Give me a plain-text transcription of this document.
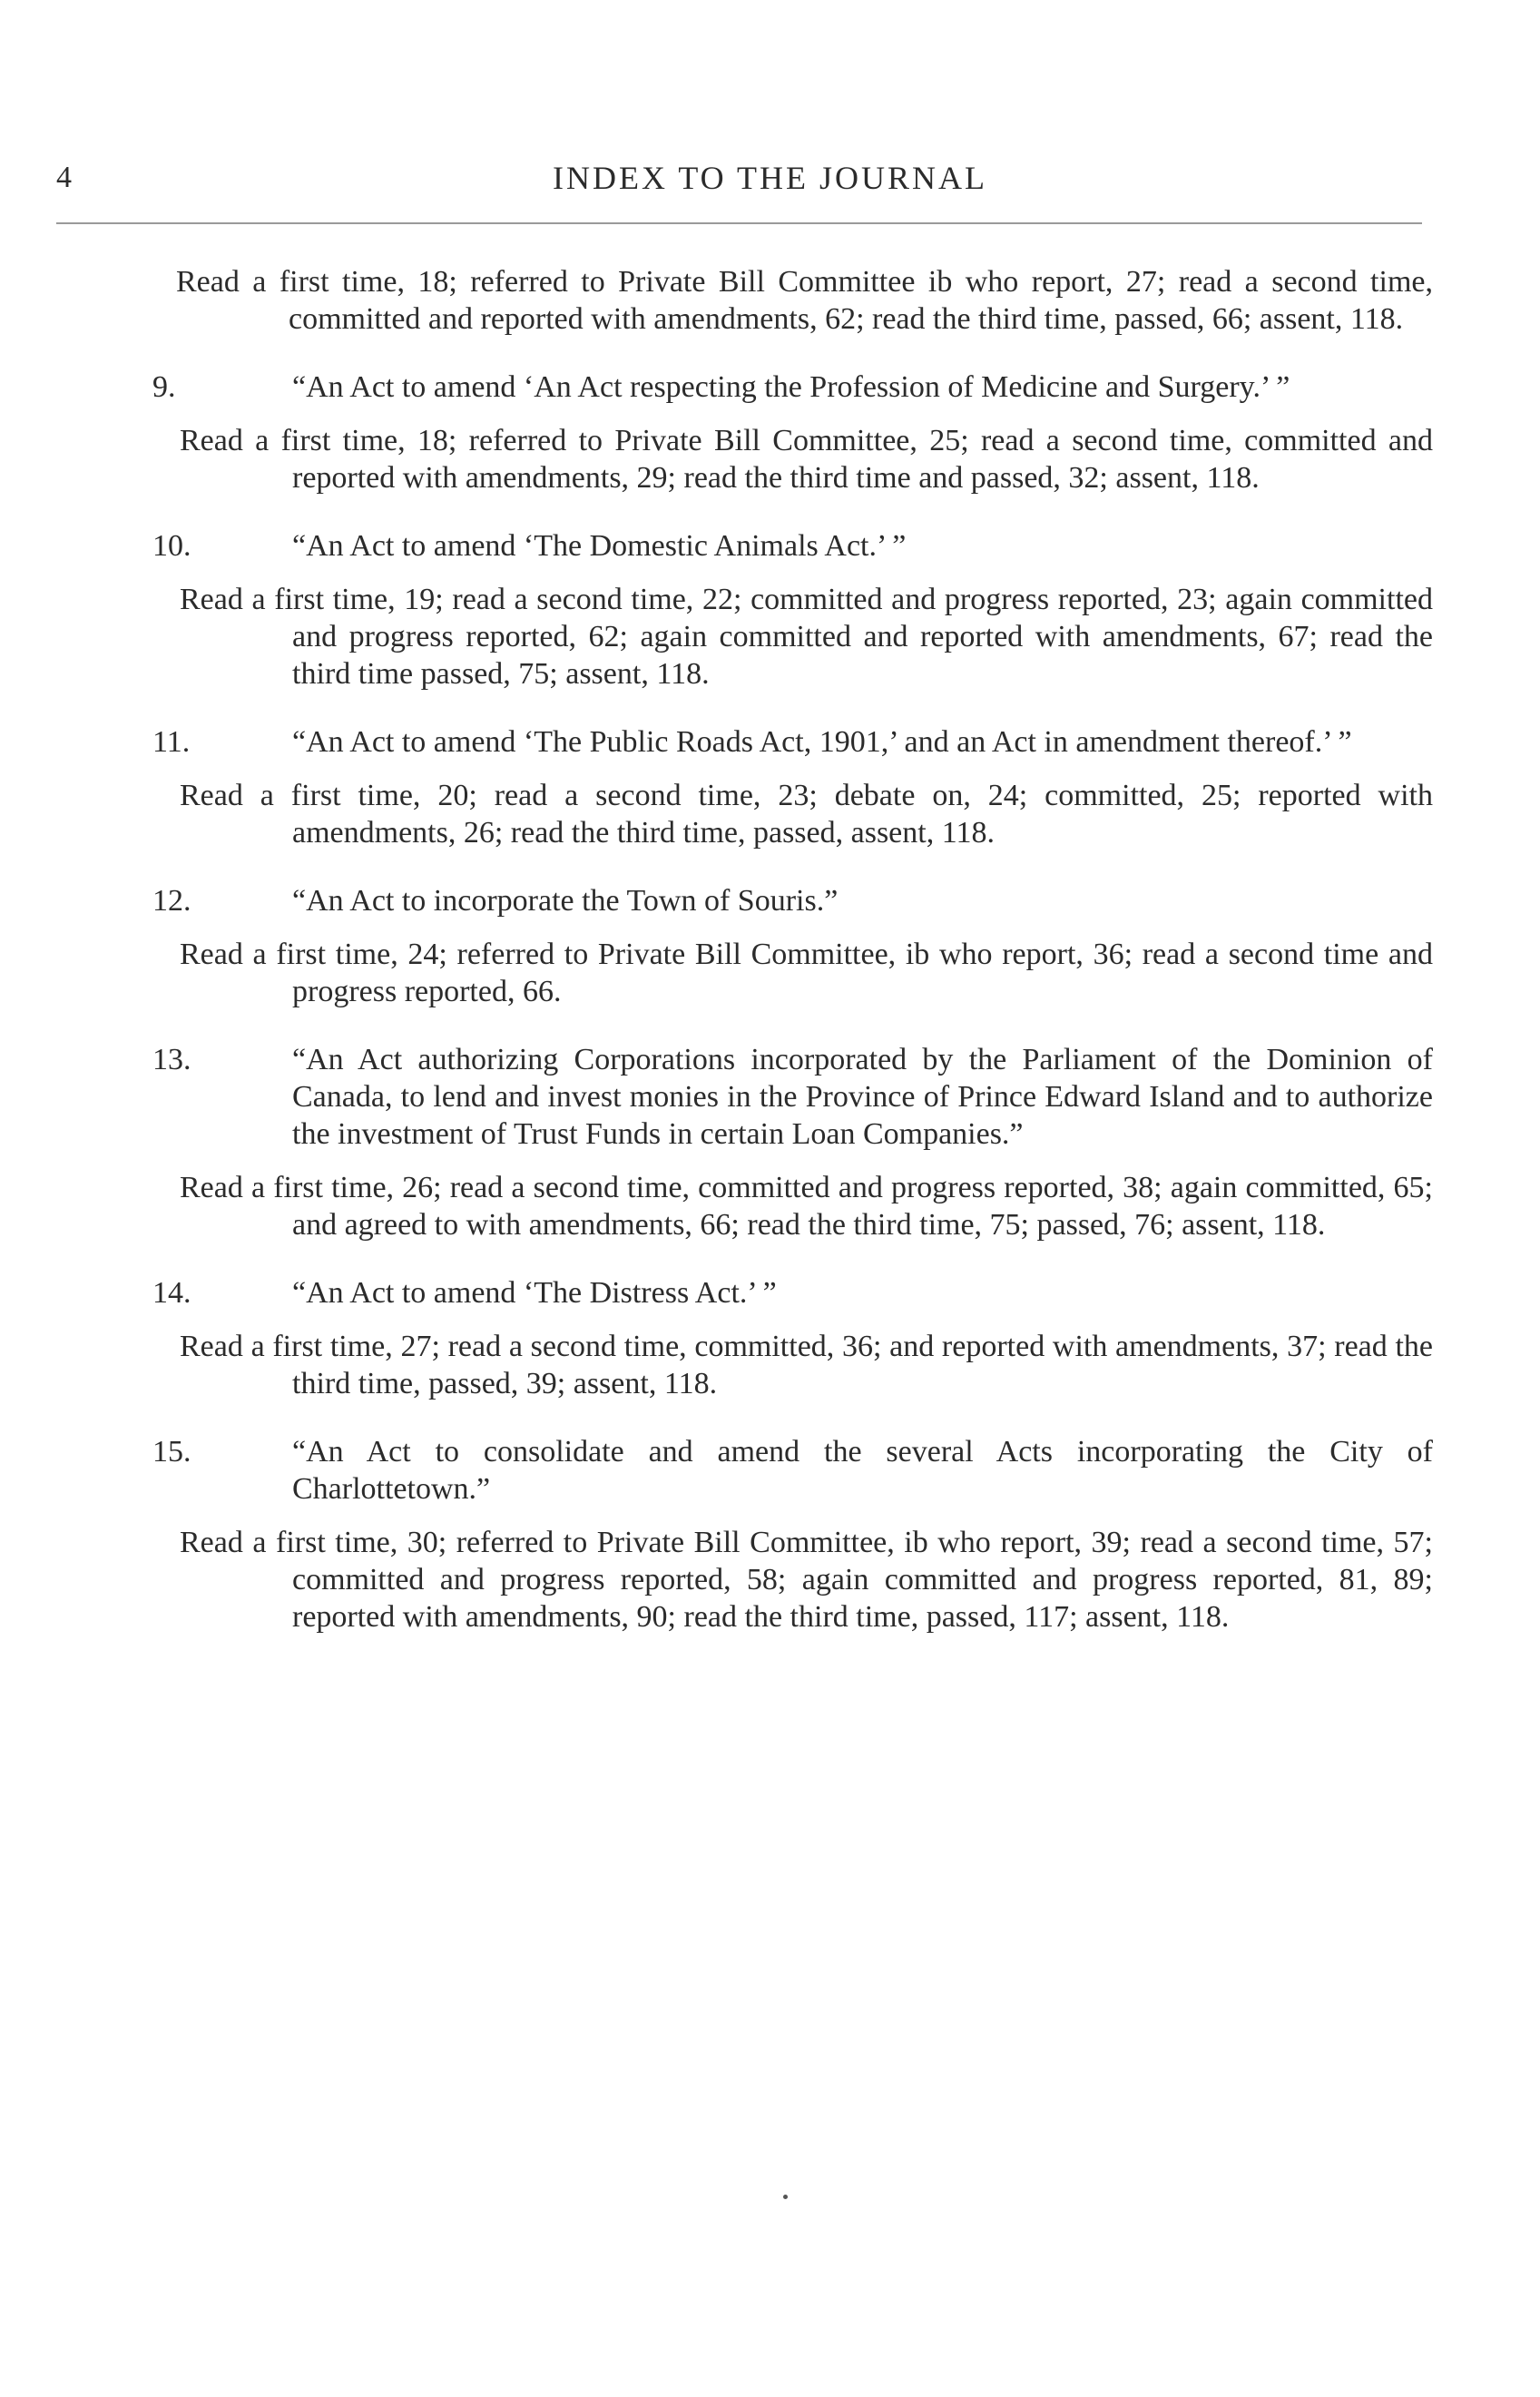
4	INDEX TO THE JOURNAL

Read a first time, 18; referred to Private Bill Committee ib who report, 27; read a second time, committed and reported with amendments, 62; read the third time, passed, 66; assent, 118.

9.	“An Act to amend ‘An Act respecting the Profession of Medicine and Surgery.’ ”

Read a first time, 18; referred to Private Bill Committee, 25; read a second time, committed and reported with amendments, 29; read the third time and passed, 32; assent, 118.

10.	“An Act to amend ‘The Domestic Animals Act.’ ”

Read a first time, 19; read a second time, 22; committed and progress reported, 23; again committed and progress reported, 62; again committed and reported with amendments, 67; read the third time passed, 75; assent, 118.

11.	“An Act to amend ‘The Public Roads Act, 1901,’ and an Act in amendment thereof.’ ”

Read a first time, 20; read a second time, 23; debate on, 24; committed, 25; reported with amendments, 26; read the third time, passed, assent, 118.

12.	“An Act to incorporate the Town of Souris.”

Read a first time, 24; referred to Private Bill Committee, ib who report, 36; read a second time and progress reported, 66.

13.	“An Act authorizing Corporations incorporated by the Parliament of the Dominion of Canada, to lend and invest monies in the Province of Prince Edward Island and to authorize the investment of Trust Funds in certain Loan Companies.”

Read a first time, 26; read a second time, committed and progress reported, 38; again committed, 65; and agreed to with amendments, 66; read the third time, 75; passed, 76; assent, 118.

14.	“An Act to amend ‘The Distress Act.’ ”

Read a first time, 27; read a second time, committed, 36; and reported with amendments, 37; read the third time, passed, 39; assent, 118.

15.	“An Act to consolidate and amend the several Acts incorporating the City of Charlottetown.”

Read a first time, 30; referred to Private Bill Committee, ib who report, 39; read a second time, 57; committed and progress reported, 58; again committed and progress reported, 81, 89; reported with amendments, 90; read the third time, passed, 117; assent, 118.
